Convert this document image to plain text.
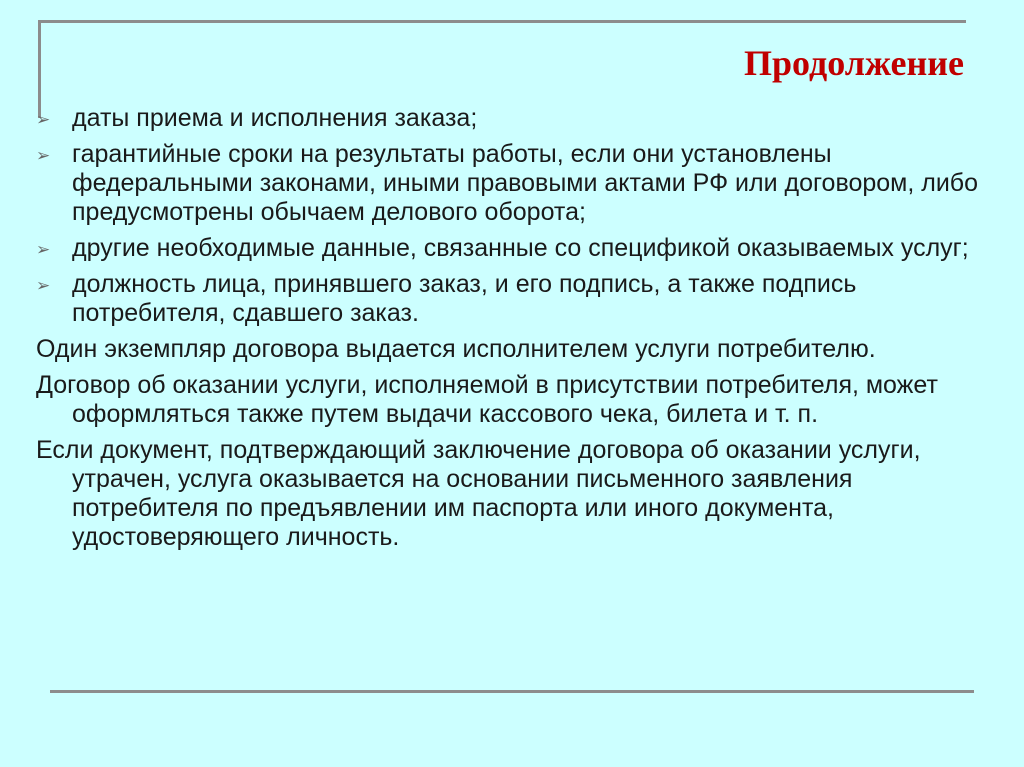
Продолжение
➢ даты приема и исполнения заказа;
➢ гарантийные сроки на результаты работы, если они установлены федеральными законами, иными правовыми актами РФ или договором, либо предусмотрены обычаем делового оборота;
➢ другие необходимые данные, связанные со спецификой оказываемых услуг;
➢ должность лица, принявшего заказ, и его подпись, а также подпись потребителя, сдавшего заказ.
Один экземпляр договора выдается исполнителем услуги потребителю.
Договор об оказании услуги, исполняемой в присутствии потребителя, может оформляться также путем выдачи кассового чека, билета и т. п.
Если документ, подтверждающий заключение договора об оказании услуги, утрачен, услуга оказывается на основании письменного заявления потребителя по предъявлении им паспорта или иного документа, удостоверяющего личность.
